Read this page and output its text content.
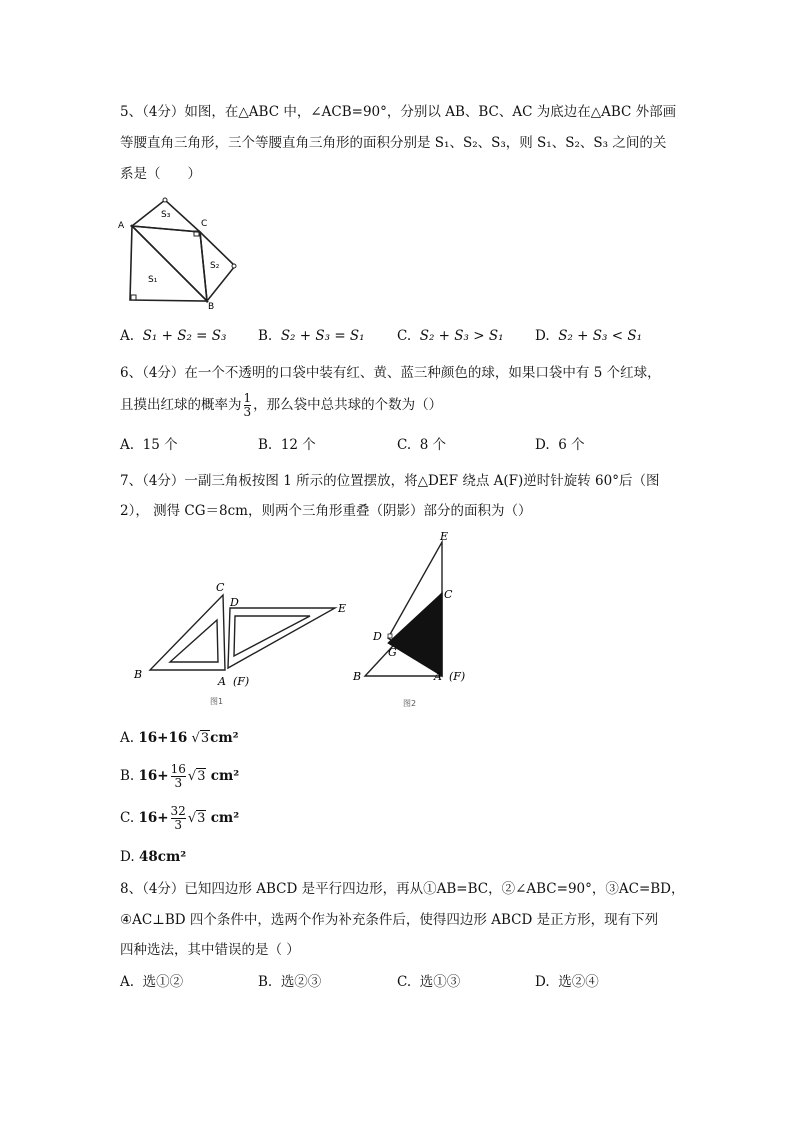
5、（4分）如图，在△ABC 中，∠ACB=90°，分别以 AB、BC、AC 为底边在△ABC 外部画
等腰直角三角形，三个等腰直角三角形的面积分别是 S₁、S₂、S₃，则 S₁、S₂、S₃ 之间的关
系是（　　）
A	C
B
S₃
S₂
S₁
A. S₁ + S₂ = S₃ B. S₂ + S₃ = S₁ C. S₂ + S₃ > S₁ D. S₂ + S₃ < S₁
6、（4分）在一个不透明的口袋中装有红、黄、蓝三种颜色的球，如果口袋中有 5 个红球，
且摸出红球的概率为 $\frac{1}{3}$ ，那么袋中总共球的个数为（）
A. 15 个	B. 12 个	C. 8 个	D. 6 个
7、（4分）一副三角板按图 1 所示的位置摆放，将△DEF 绕点 A(F)逆时针旋转 60°后（图
2）， 测得 CG＝8cm，则两个三角形重叠（阴影）部分的面积为（）
C
D	E
B
A (F)
图1
E
C
D
G
B	A (F)
图2
A. 16+16 √3cm²
B. $16+ \frac{16}{3} √3$ cm²
C. $16+ \frac{32}{3} √3$ cm²
D. 48cm²
8、（4分）已知四边形 ABCD 是平行四边形，再从①AB=BC，②∠ABC=90°，③AC=BD，
④AC⊥BD 四个条件中，选两个作为补充条件后，使得四边形 ABCD 是正方形，现有下列
四种选法，其中错误的是（ ）
A. 选①②	B. 选②③	C. 选①③	D. 选②④
